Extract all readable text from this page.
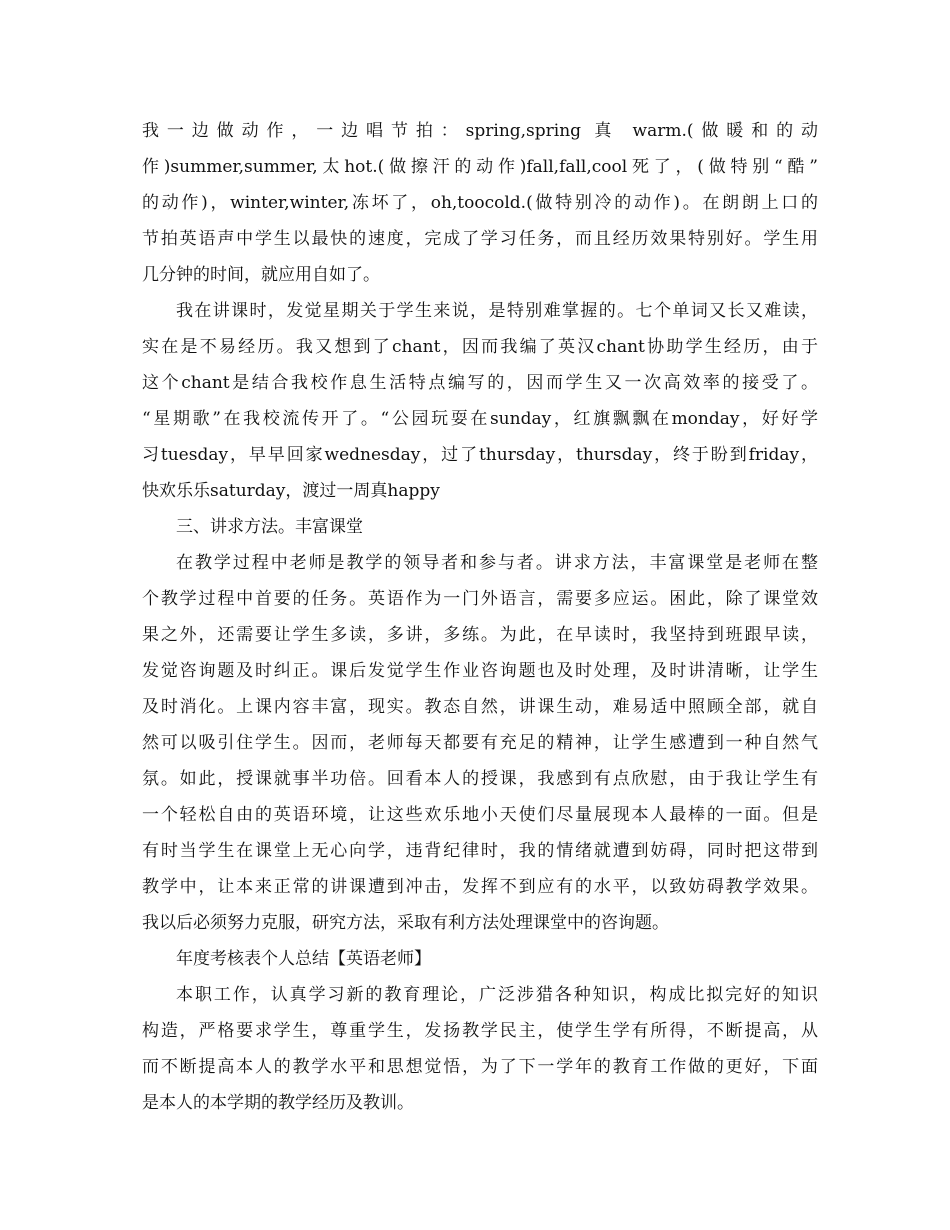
我一边做动作，一边唱节拍：spring,spring 真 warm.(做暖和的动
作)summer,summer,太hot.(做擦汗的动作)fall,fall,cool死了，(做特别“酷”
的动作)，winter,winter,冻坏了，oh,toocold.(做特别冷的动作)。在朗朗上口的
节拍英语声中学生以最快的速度，完成了学习任务，而且经历效果特别好。学生用
几分钟的时间，就应用自如了。
我在讲课时，发觉星期关于学生来说，是特别难掌握的。七个单词又长又难读，
实在是不易经历。我又想到了chant，因而我编了英汉chant协助学生经历，由于
这个chant是结合我校作息生活特点编写的，因而学生又一次高效率的接受了。
“星期歌”在我校流传开了。“公园玩耍在sunday，红旗飘飘在monday，好好学
习tuesday，早早回家wednesday，过了thursday，thursday，终于盼到friday，
快欢乐乐saturday，渡过一周真happy
三、讲求方法。丰富课堂
在教学过程中老师是教学的领导者和参与者。讲求方法，丰富课堂是老师在整
个教学过程中首要的任务。英语作为一门外语言，需要多应运。困此，除了课堂效
果之外，还需要让学生多读，多讲，多练。为此，在早读时，我坚持到班跟早读，
发觉咨询题及时纠正。课后发觉学生作业咨询题也及时处理，及时讲清晰，让学生
及时消化。上课内容丰富，现实。教态自然，讲课生动，难易适中照顾全部，就自
然可以吸引住学生。因而，老师每天都要有充足的精神，让学生感遭到一种自然气
氛。如此，授课就事半功倍。回看本人的授课，我感到有点欣慰，由于我让学生有
一个轻松自由的英语环境，让这些欢乐地小天使们尽量展现本人最棒的一面。但是
有时当学生在课堂上无心向学，违背纪律时，我的情绪就遭到妨碍，同时把这带到
教学中，让本来正常的讲课遭到冲击，发挥不到应有的水平，以致妨碍教学效果。
我以后必须努力克服，研究方法，采取有利方法处理课堂中的咨询题。
年度考核表个人总结【英语老师】
本职工作，认真学习新的教育理论，广泛涉猎各种知识，构成比拟完好的知识
构造，严格要求学生，尊重学生，发扬教学民主，使学生学有所得，不断提高，从
而不断提高本人的教学水平和思想觉悟，为了下一学年的教育工作做的更好，下面
是本人的本学期的教学经历及教训。
